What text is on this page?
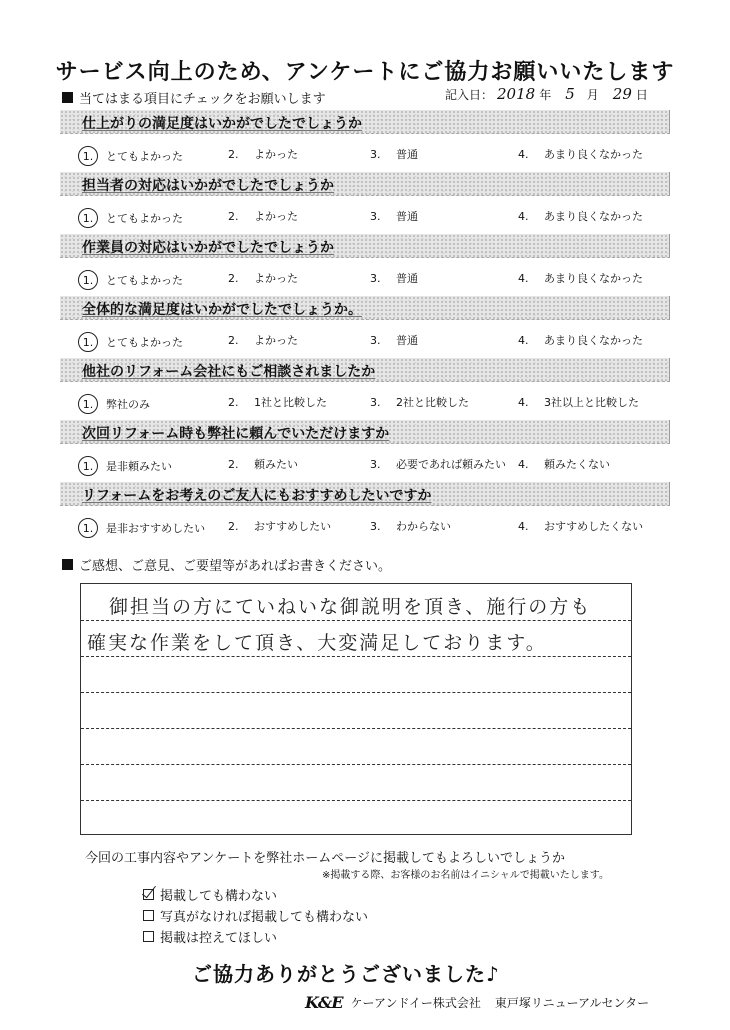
サービス向上のため、アンケートにご協力お願いいたします
当てはまる項目にチェックをお願いします	記入日： 2018 年 5 月 29 日
仕上がりの満足度はいかがでしたでしょうか
1.	とてもよかった	2. よかった	3. 普通	4. あまり良くなかった
担当者の対応はいかがでしたでしょうか
1.	とてもよかった	2. よかった	3. 普通	4. あまり良くなかった
作業員の対応はいかがでしたでしょうか
1.	とてもよかった	2. よかった	3. 普通	4. あまり良くなかった
全体的な満足度はいかがでしたでしょうか。
1.	とてもよかった	2. よかった	3. 普通	4. あまり良くなかった
他社のリフォーム会社にもご相談されましたか
1.	弊社のみ	2. 1社と比較した	3. 2社と比較した	4. 3社以上と比較した
次回リフォーム時も弊社に頼んでいただけますか
1.	是非頼みたい	2. 頼みたい	3. 必要であれば頼みたい 4. 頼みたくない
リフォームをお考えのご友人にもおすすめしたいですか
1.	是非おすすめしたい 2. おすすめしたい	3. わからない	4. おすすめしたくない
ご感想、ご意見、ご要望等があればお書きください。
御担当の方にていねいな御説明を頂き、施行の方も
確実な作業をして頂き、大変満足しております。
今回の工事内容やアンケートを弊社ホームページに掲載してもよろしいでしょうか
※掲載する際、お客様のお名前はイニシャルで掲載いたします。
掲載しても構わない
写真がなければ掲載しても構わない
掲載は控えてほしい
ご協力ありがとうございました♪
K&E ケーアンドイー株式会社 東戸塚リニューアルセンター
